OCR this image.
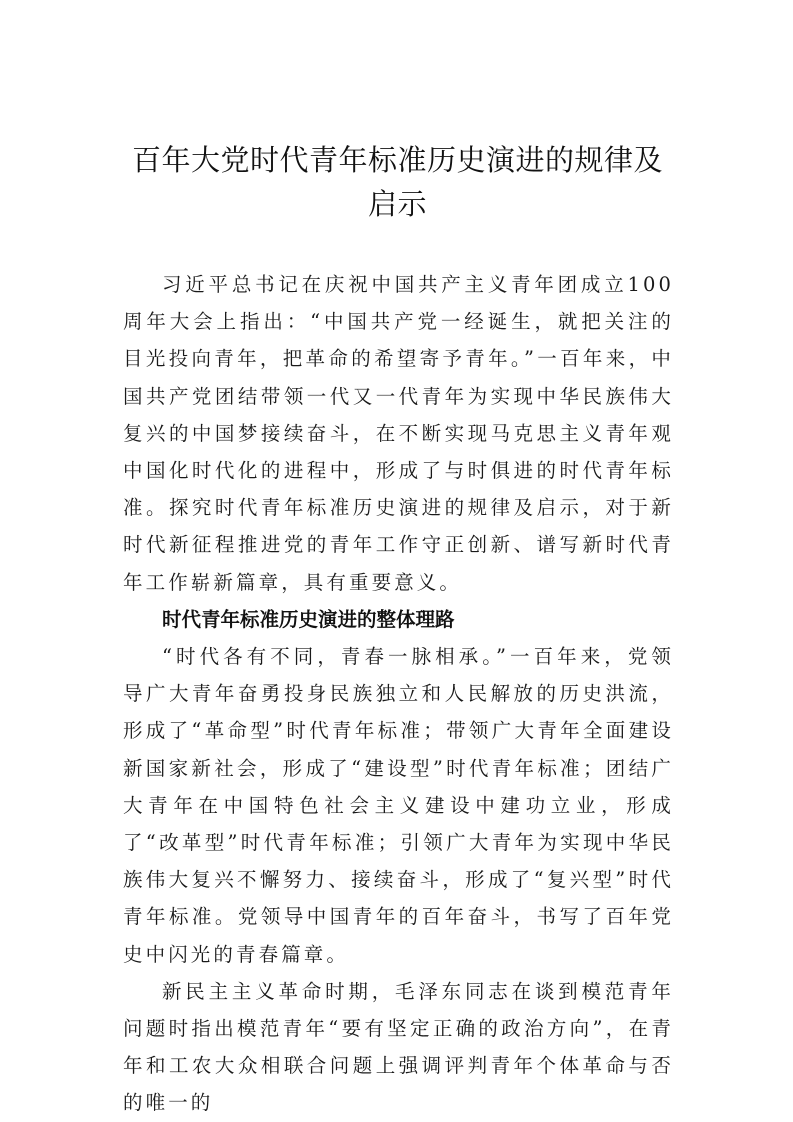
百年大党时代青年标准历史演进的规律及启示

习近平总书记在庆祝中国共产主义青年团成立100周年大会上指出：“中国共产党一经诞生，就把关注的目光投向青年，把革命的希望寄予青年。”一百年来，中国共产党团结带领一代又一代青年为实现中华民族伟大复兴的中国梦接续奋斗，在不断实现马克思主义青年观中国化时代化的进程中，形成了与时俱进的时代青年标准。探究时代青年标准历史演进的规律及启示，对于新时代新征程推进党的青年工作守正创新、谱写新时代青年工作崭新篇章，具有重要意义。

时代青年标准历史演进的整体理路

“时代各有不同，青春一脉相承。”一百年来，党领导广大青年奋勇投身民族独立和人民解放的历史洪流，形成了“革命型”时代青年标准；带领广大青年全面建设新国家新社会，形成了“建设型”时代青年标准；团结广大青年在中国特色社会主义建设中建功立业，形成了“改革型”时代青年标准；引领广大青年为实现中华民族伟大复兴不懈努力、接续奋斗，形成了“复兴型”时代青年标准。党领导中国青年的百年奋斗，书写了百年党史中闪光的青春篇章。

新民主主义革命时期，毛泽东同志在谈到模范青年问题时指出模范青年“要有坚定正确的政治方向”，在青年和工农大众相联合问题上强调评判青年个体革命与否的唯一的
